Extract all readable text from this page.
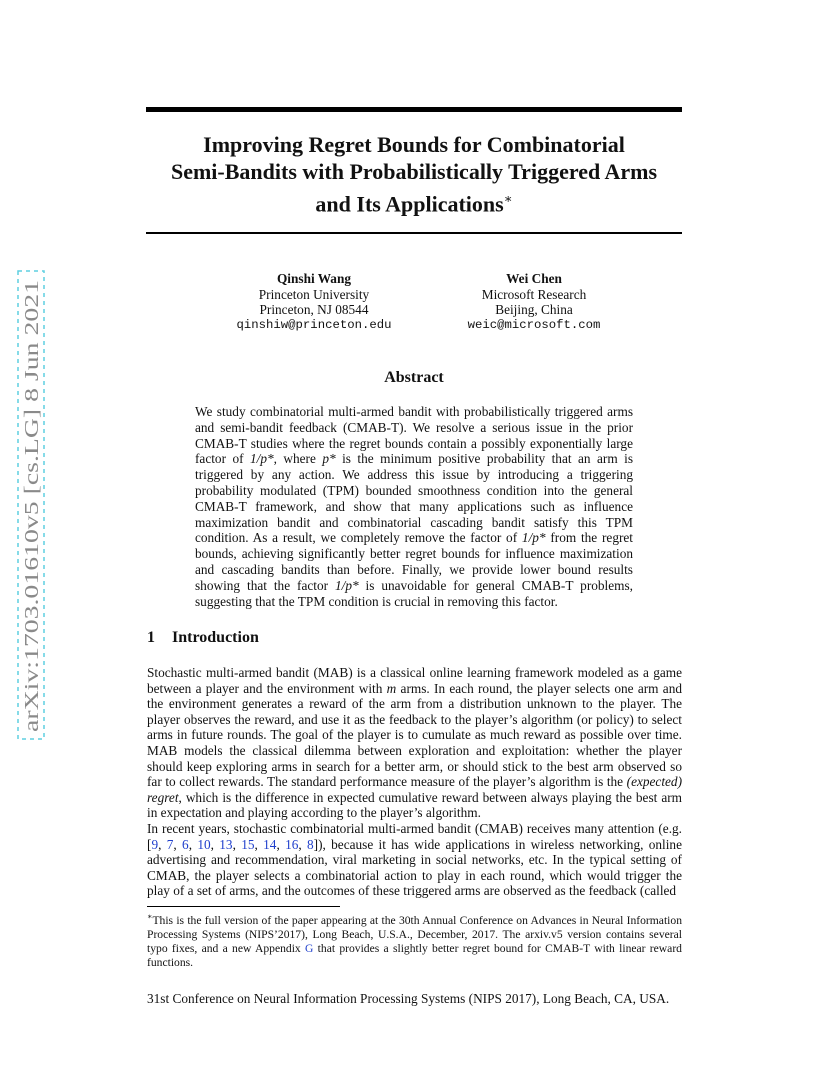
arXiv:1703.01610v5 [cs.LG] 8 Jun 2021
Improving Regret Bounds for Combinatorial
Semi-Bandits with Probabilistically Triggered Arms
and Its Applications∗
Qinshi Wang
Princeton University
Princeton, NJ 08544
qinshiw@princeton.edu
Wei Chen
Microsoft Research
Beijing, China
weic@microsoft.com
Abstract
We study combinatorial multi-armed bandit with probabilistically triggered arms and semi-bandit feedback (CMAB-T). We resolve a serious issue in the prior CMAB-T studies where the regret bounds contain a possibly exponentially large factor of 1/p*, where p* is the minimum positive probability that an arm is triggered by any action. We address this issue by introducing a triggering probability modulated (TPM) bounded smoothness condition into the general CMAB-T framework, and show that many applications such as influence maximization bandit and combinatorial cascading bandit satisfy this TPM condition. As a result, we completely remove the factor of 1/p* from the regret bounds, achieving significantly better regret bounds for influence maximization and cascading bandits than before. Finally, we provide lower bound results showing that the factor 1/p* is unavoidable for general CMAB-T problems, suggesting that the TPM condition is crucial in removing this factor.
1 Introduction
Stochastic multi-armed bandit (MAB) is a classical online learning framework modeled as a game between a player and the environment with m arms. In each round, the player selects one arm and the environment generates a reward of the arm from a distribution unknown to the player. The player observes the reward, and use it as the feedback to the player’s algorithm (or policy) to select arms in future rounds. The goal of the player is to cumulate as much reward as possible over time. MAB models the classical dilemma between exploration and exploitation: whether the player should keep exploring arms in search for a better arm, or should stick to the best arm observed so far to collect rewards. The standard performance measure of the player’s algorithm is the (expected) regret, which is the difference in expected cumulative reward between always playing the best arm in expectation and playing according to the player’s algorithm.
In recent years, stochastic combinatorial multi-armed bandit (CMAB) receives many attention (e.g. [9, 7, 6, 10, 13, 15, 14, 16, 8]), because it has wide applications in wireless networking, online advertising and recommendation, viral marketing in social networks, etc. In the typical setting of CMAB, the player selects a combinatorial action to play in each round, which would trigger the play of a set of arms, and the outcomes of these triggered arms are observed as the feedback (called
∗This is the full version of the paper appearing at the 30th Annual Conference on Advances in Neural Information Processing Systems (NIPS’2017), Long Beach, U.S.A., December, 2017. The arxiv.v5 version contains several typo fixes, and a new Appendix G that provides a slightly better regret bound for CMAB-T with linear reward functions.
31st Conference on Neural Information Processing Systems (NIPS 2017), Long Beach, CA, USA.
